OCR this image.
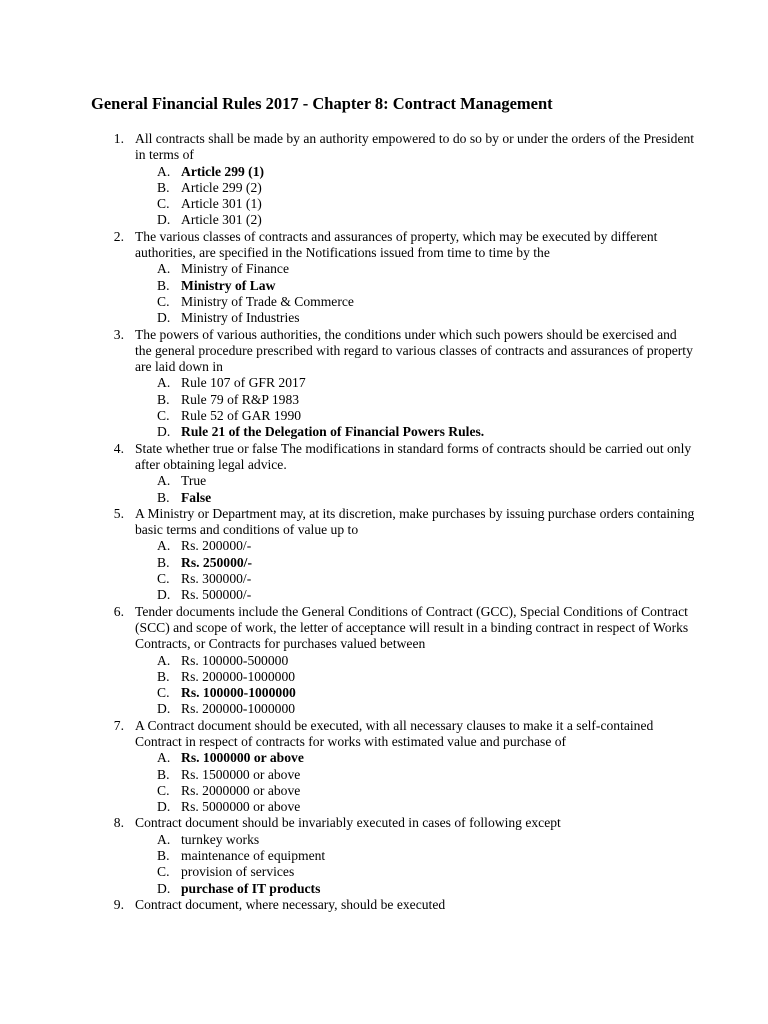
General Financial Rules 2017 - Chapter 8: Contract Management
1. All contracts shall be made by an authority empowered to do so by or under the orders of the President in terms of
A. Article 299 (1)
B. Article 299 (2)
C. Article 301 (1)
D. Article 301 (2)
2. The various classes of contracts and assurances of property, which may be executed by different authorities, are specified in the Notifications issued from time to time by the
A. Ministry of Finance
B. Ministry of Law
C. Ministry of Trade & Commerce
D. Ministry of Industries
3. The powers of various authorities, the conditions under which such powers should be exercised and the general procedure prescribed with regard to various classes of contracts and assurances of property are laid down in
A. Rule 107 of GFR 2017
B. Rule 79 of R&P 1983
C. Rule 52 of GAR 1990
D. Rule 21 of the Delegation of Financial Powers Rules.
4. State whether true or false The modifications in standard forms of contracts should be carried out only after obtaining legal advice.
A. True
B. False
5. A Ministry or Department may, at its discretion, make purchases by issuing purchase orders containing basic terms and conditions of value up to
A. Rs. 200000/-
B. Rs. 250000/-
C. Rs. 300000/-
D. Rs. 500000/-
6. Tender documents include the General Conditions of Contract (GCC), Special Conditions of Contract (SCC) and scope of work, the letter of acceptance will result in a binding contract in respect of Works Contracts, or Contracts for purchases valued between
A. Rs. 100000-500000
B. Rs. 200000-1000000
C. Rs. 100000-1000000
D. Rs. 200000-1000000
7. A Contract document should be executed, with all necessary clauses to make it a self-contained Contract in respect of contracts for works with estimated value and purchase of
A. Rs. 1000000 or above
B. Rs. 1500000 or above
C. Rs. 2000000 or above
D. Rs. 5000000 or above
8. Contract document should be invariably executed in cases of following except
A. turnkey works
B. maintenance of equipment
C. provision of services
D. purchase of IT products
9. Contract document, where necessary, should be executed
